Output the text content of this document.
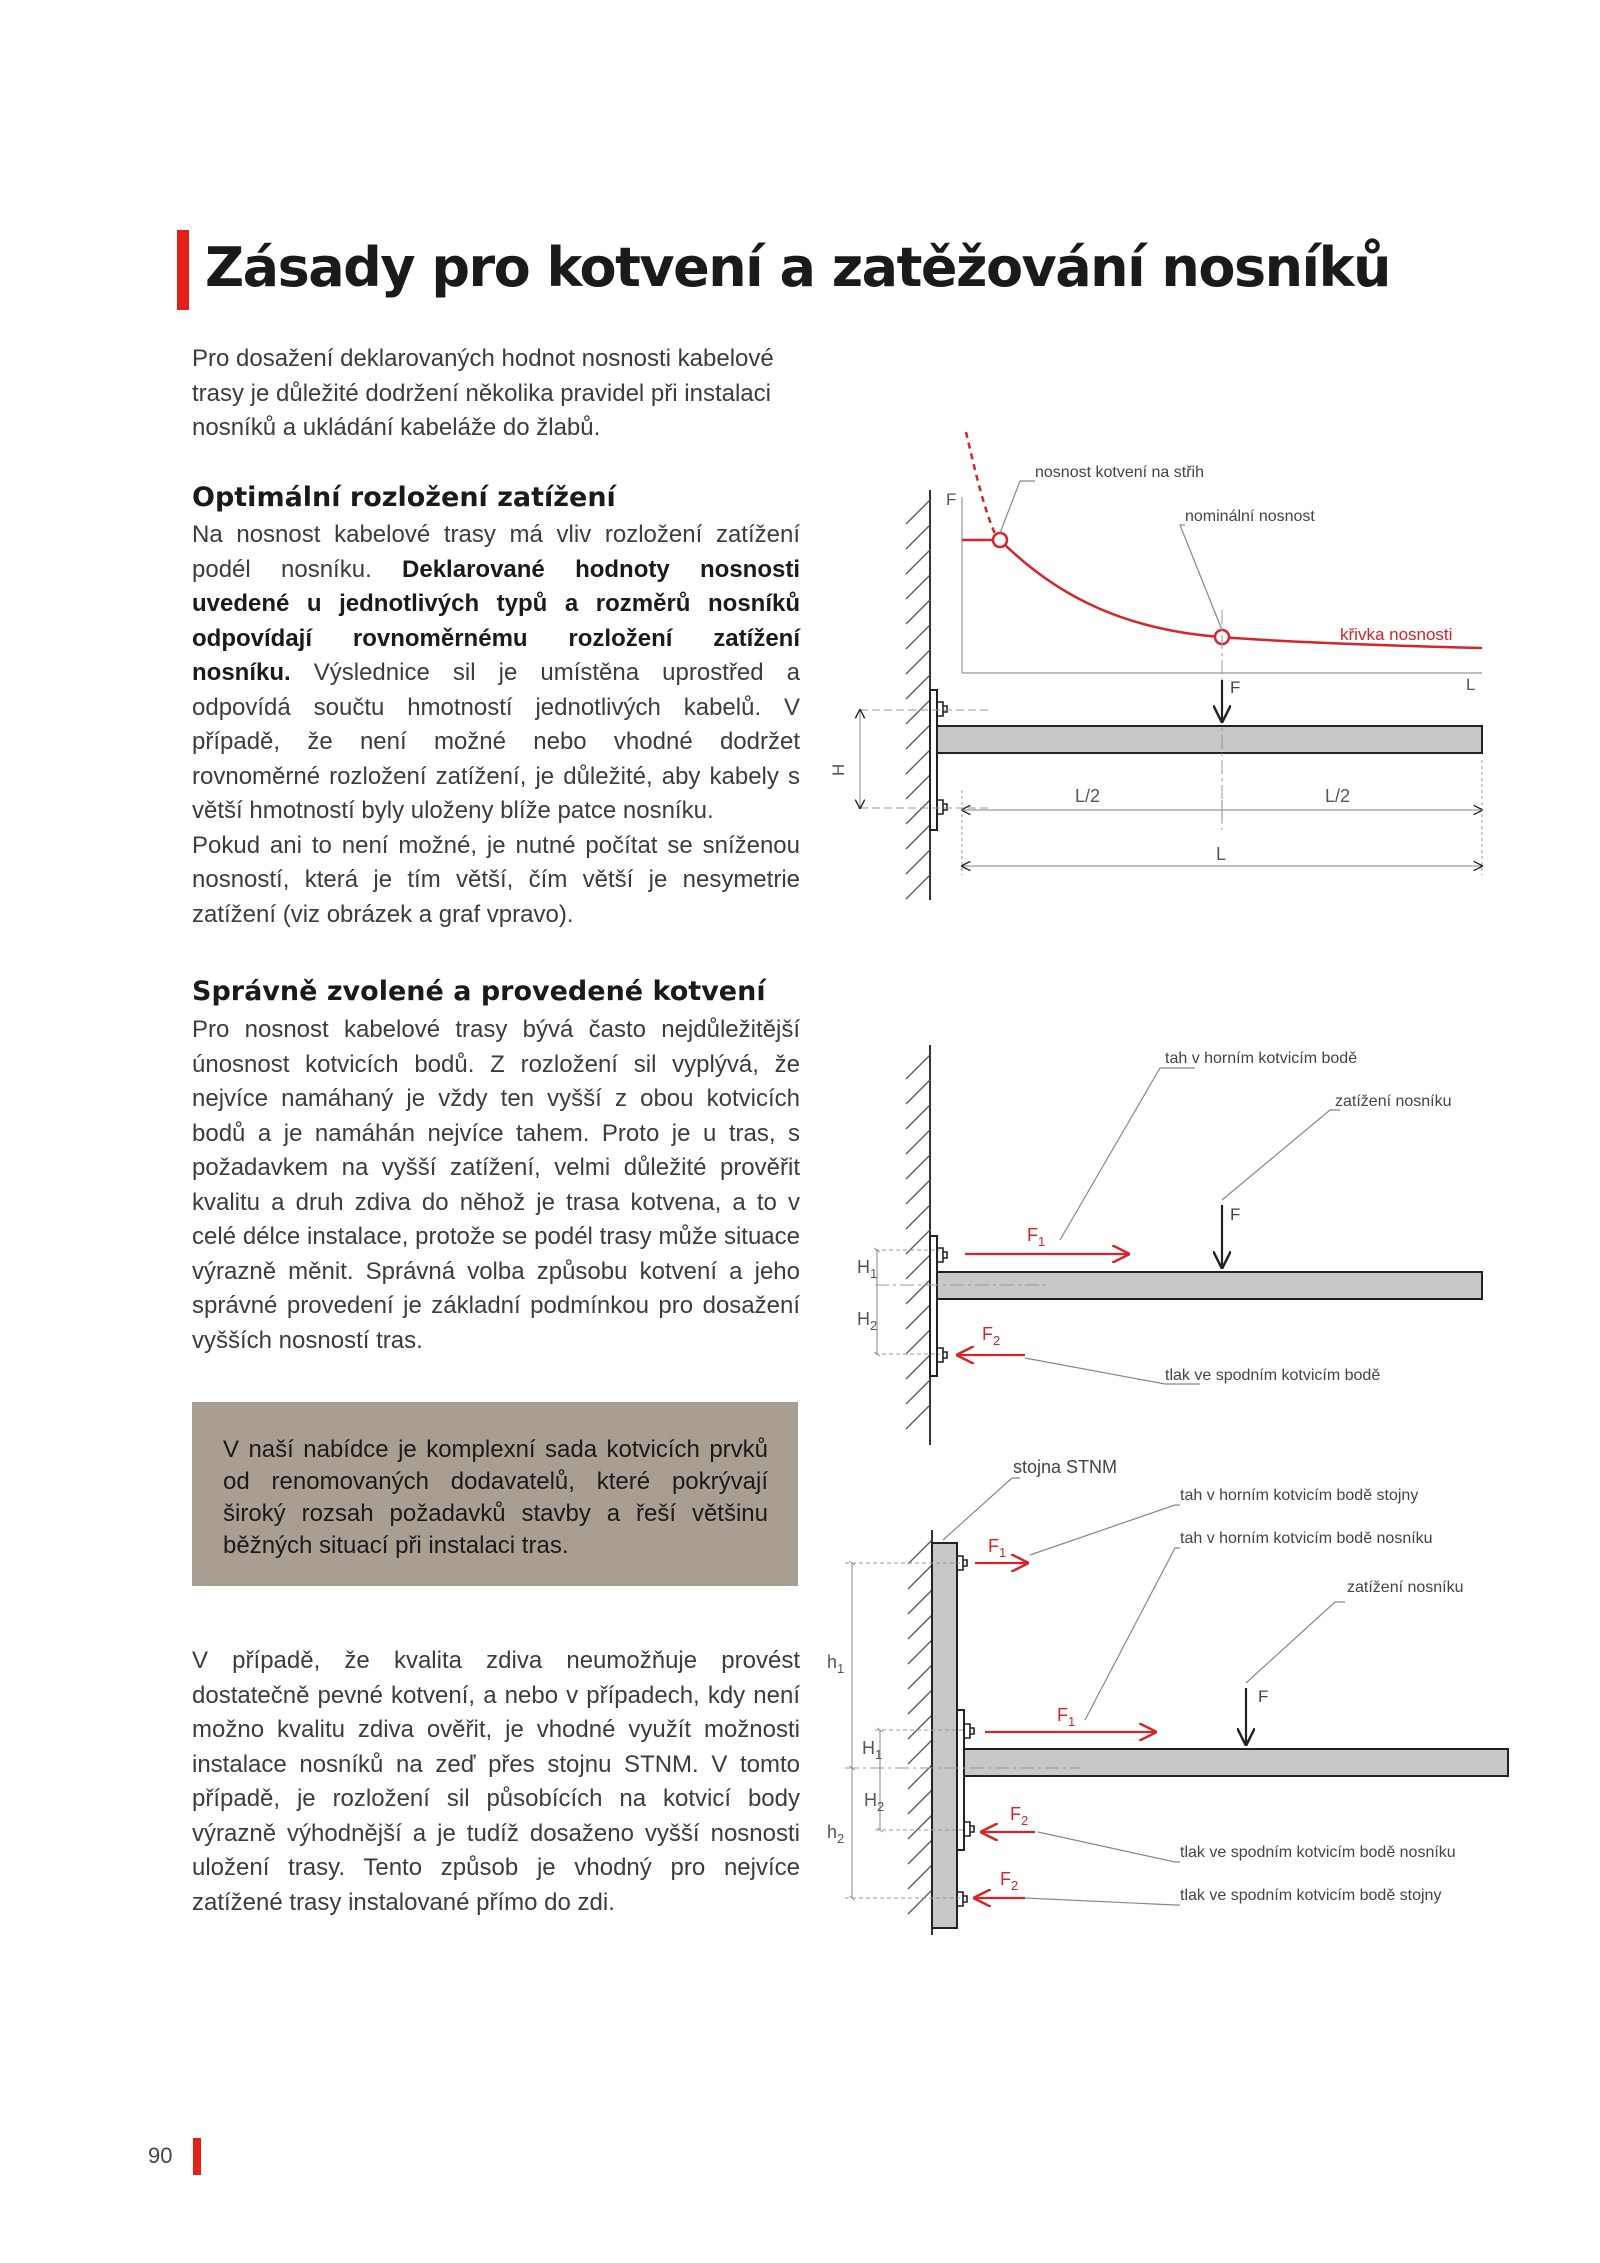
Zásady pro kotvení a zatěžování nosníků

Pro dosažení deklarovaných hodnot nosnosti kabelové trasy je důležité dodržení několika pravidel při instalaci nosníků a ukládání kabeláže do žlabů.

Optimální rozložení zatížení

Na nosnost kabelové trasy má vliv rozložení zatížení podél nosníku. Deklarované hodnoty nosnosti uvedené u jednotlivých typů a rozměrů nosníků odpovídají rovnoměrnému rozložení zatížení nosníku. Výslednice sil je umístěna uprostřed a odpovídá součtu hmotností jednotlivých kabelů. V případě, že není možné nebo vhodné dodržet rovnoměrné rozložení zatížení, je důležité, aby kabely s větší hmotností byly uloženy blíže patce nosníku.

Pokud ani to není možné, je nutné počítat se sníženou nosností, která je tím větší, čím větší je nesymetrie zatížení (viz obrázek a graf vpravo).

Správně zvolené a provedené kotvení

Pro nosnost kabelové trasy bývá často nejdůležitější únosnost kotvicích bodů. Z rozložení sil vyplývá, že nejvíce namáhaný je vždy ten vyšší z obou kotvicích bodů a je namáhán nejvíce tahem. Proto je u tras, s požadavkem na vyšší zatížení, velmi důležité prověřit kvalitu a druh zdiva do něhož je trasa kotvena, a to v celé délce instalace, protože se podél trasy může situace výrazně měnit. Správná volba způsobu kotvení a jeho správné provedení je základní podmínkou pro dosažení vyšších nosností tras.

V naší nabídce je komplexní sada kotvicích prvků od renomovaných dodavatelů, které pokrývají široký rozsah požadavků stavby a řeší většinu běžných situací při instalaci tras.

V případě, že kvalita zdiva neumožňuje provést dostatečně pevné kotvení, a nebo v případech, kdy není možno kvalitu zdiva ověřit, je vhodné využít možnosti instalace nosníků na zeď přes stojnu STNM. V tomto případě, je rozložení sil působících na kotvicí body výrazně výhodnější a je tudíž dosaženo vyšší nosnosti uložení trasy. Tento způsob je vhodný pro nejvíce zatížené trasy instalované přímo do zdi.

90
F
L
nosnost kotvení na střih
nominální nosnost
křivka nosnosti
F
L/2	L/2
L
H
$F_1$
$F_2$
F
tah v horním kotvicím bodě
zatížení nosníku
tlak ve spodním kotvicím bodě
$H_1$
$H_2$
$F_1$
$F_1$
$F_2$
$F_2$
F
stojna STNM
tah v horním kotvicím bodě stojny
tah v horním kotvicím bodě nosníku
zatížení nosníku
tlak ve spodním kotvicím bodě nosníku
tlak ve spodním kotvicím bodě stojny
$h_1$
$h_2$
$H_1$
$H_2$
